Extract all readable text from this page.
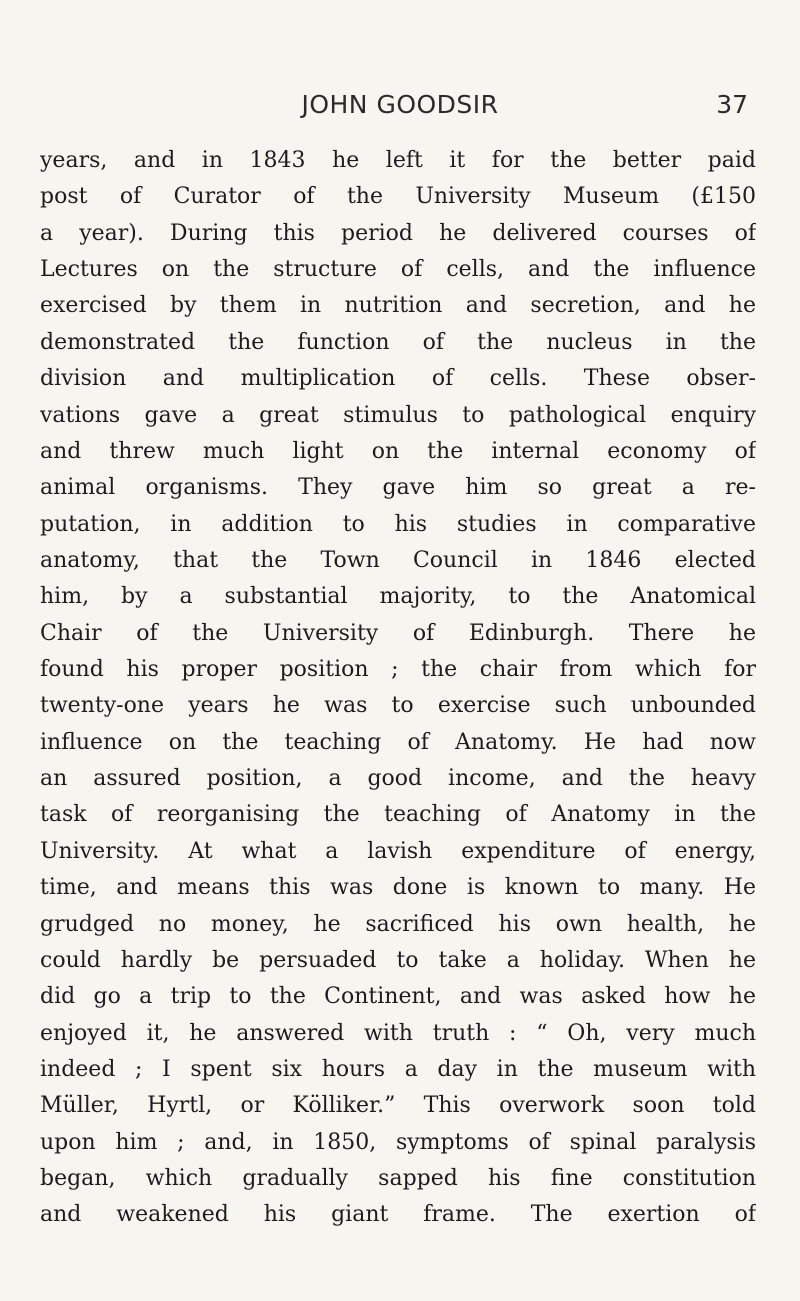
JOHN GOODSIR	37
years, and in 1843 he left it for the better paid
post of Curator of the University Museum (£150
a year). During this period he delivered courses of
Lectures on the structure of cells, and the influence
exercised by them in nutrition and secretion, and he
demonstrated the function of the nucleus in the
division and multiplication of cells. These obser-
vations gave a great stimulus to pathological enquiry
and threw much light on the internal economy of
animal organisms. They gave him so great a re-
putation, in addition to his studies in comparative
anatomy, that the Town Council in 1846 elected
him, by a substantial majority, to the Anatomical
Chair of the University of Edinburgh. There he
found his proper position ; the chair from which for
twenty-one years he was to exercise such unbounded
influence on the teaching of Anatomy. He had now
an assured position, a good income, and the heavy
task of reorganising the teaching of Anatomy in the
University. At what a lavish expenditure of energy,
time, and means this was done is known to many. He
grudged no money, he sacrificed his own health, he
could hardly be persuaded to take a holiday. When he
did go a trip to the Continent, and was asked how he
enjoyed it, he answered with truth : “ Oh, very much
indeed ; I spent six hours a day in the museum with
Müller, Hyrtl, or Kölliker.” This overwork soon told
upon him ; and, in 1850, symptoms of spinal paralysis
began, which gradually sapped his fine constitution
and weakened his giant frame. The exertion of
